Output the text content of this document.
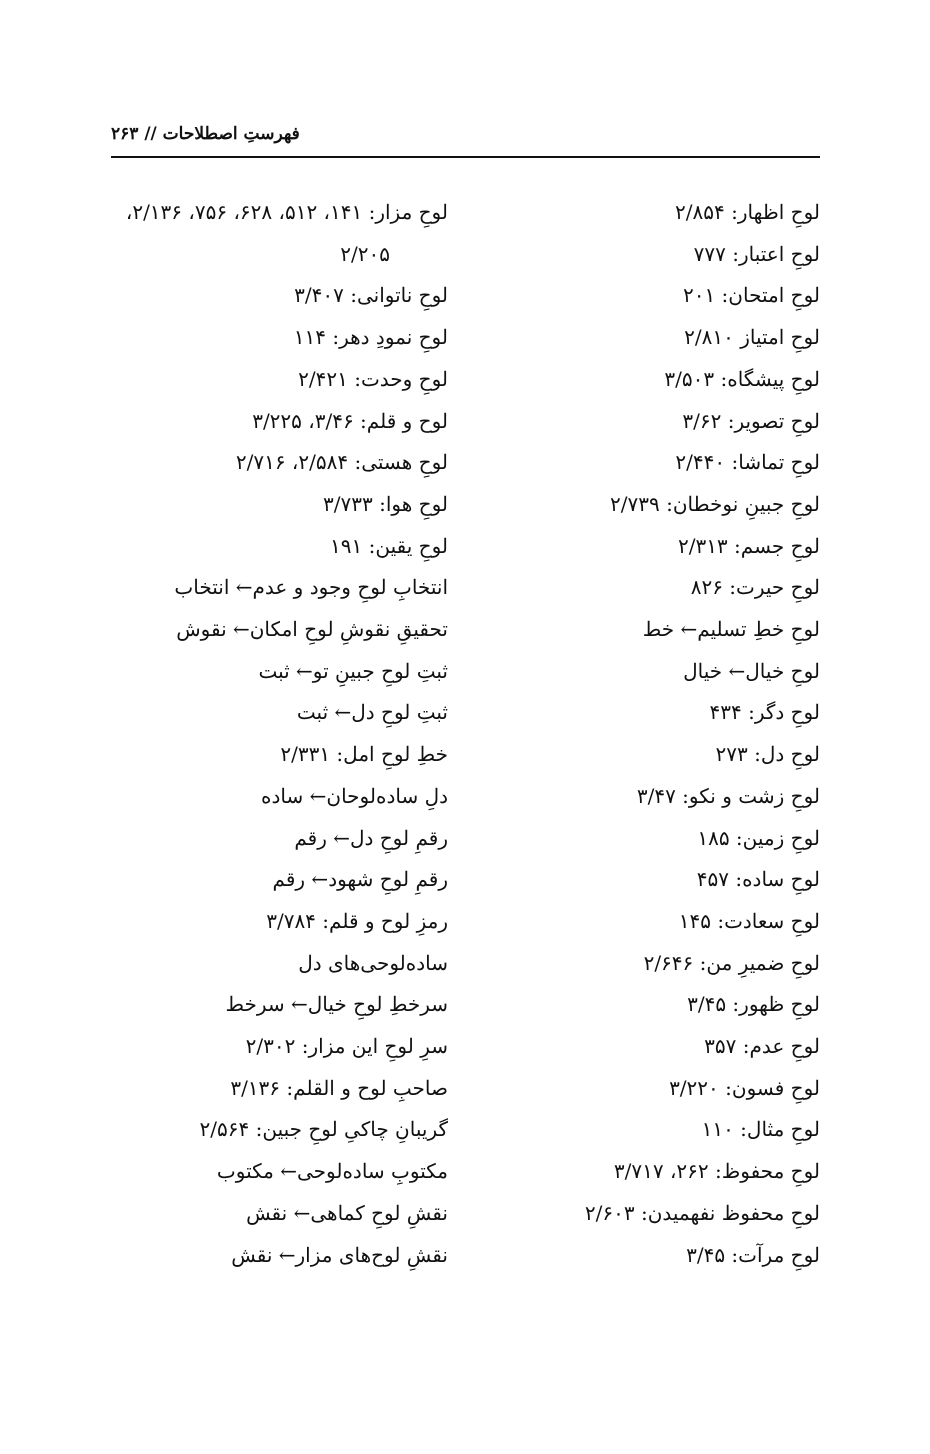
فهرستِ اصطلاحات // ۲۶۳
لوحِ اظهار: ۲/۸۵۴
لوحِ اعتبار: ۷۷۷
لوحِ امتحان: ۲۰۱
لوحِ امتیاز ۲/۸۱۰
لوحِ پیشگاه: ۳/۵۰۳
لوحِ تصویر: ۳/۶۲
لوحِ تماشا: ۲/۴۴۰
لوحِ جبینِ نوخطان: ۲/۷۳۹
لوحِ جسم: ۲/۳۱۳
لوحِ حیرت: ۸۲۶
لوحِ خطِ تسلیم← خط
لوحِ خیال← خیال
لوحِ دگر: ۴۳۴
لوحِ دل: ۲۷۳
لوحِ زشت و نکو: ۳/۴۷
لوحِ زمین: ۱۸۵
لوحِ ساده: ۴۵۷
لوحِ سعادت: ۱۴۵
لوحِ ضمیرِ من: ۲/۶۴۶
لوحِ ظهور: ۳/۴۵
لوحِ عدم: ۳۵۷
لوحِ فسون: ۳/۲۲۰
لوحِ مثال: ۱۱۰
لوحِ محفوظ: ۲۶۲، ۳/۷۱۷
لوحِ محفوظ نفهمیدن: ۲/۶۰۳
لوحِ مرآت: ۳/۴۵
لوحِ مزار: ۱۴۱، ۵۱۲، ۶۲۸، ۷۵۶، ۲/۱۳۶،
۲/۲۰۵
لوحِ ناتوانی: ۳/۴۰۷
لوحِ نمودِ دهر: ۱۱۴
لوحِ وحدت: ۲/۴۲۱
لوح و قلم: ۳/۴۶، ۳/۲۲۵
لوحِ هستی: ۲/۵۸۴، ۲/۷۱۶
لوحِ هوا: ۳/۷۳۳
لوحِ یقین: ۱۹۱
انتخابِ لوحِ وجود و عدم← انتخاب
تحقیقِ نقوشِ لوحِ امکان← نقوش
ثبتِ لوحِ جبینِ تو← ثبت
ثبتِ لوحِ دل← ثبت
خطِ لوحِ امل: ۲/۳۳۱
دلِ ساده‌لوحان← ساده
رقمِ لوحِ دل← رقم
رقمِ لوحِ شهود← رقم
رمزِ لوح و قلم: ۳/۷۸۴
ساده‌لوحی‌های دل
سرخطِ لوحِ خیال← سرخط
سرِ لوحِ این مزار: ۲/۳۰۲
صاحبِ لوح و القلم: ۳/۱۳۶
گریبانِ چاکیِ لوحِ جبین: ۲/۵۶۴
مکتوبِ ساده‌لوحی← مکتوب
نقشِ لوحِ کماهی← نقش
نقشِ لوح‌های مزار← نقش
